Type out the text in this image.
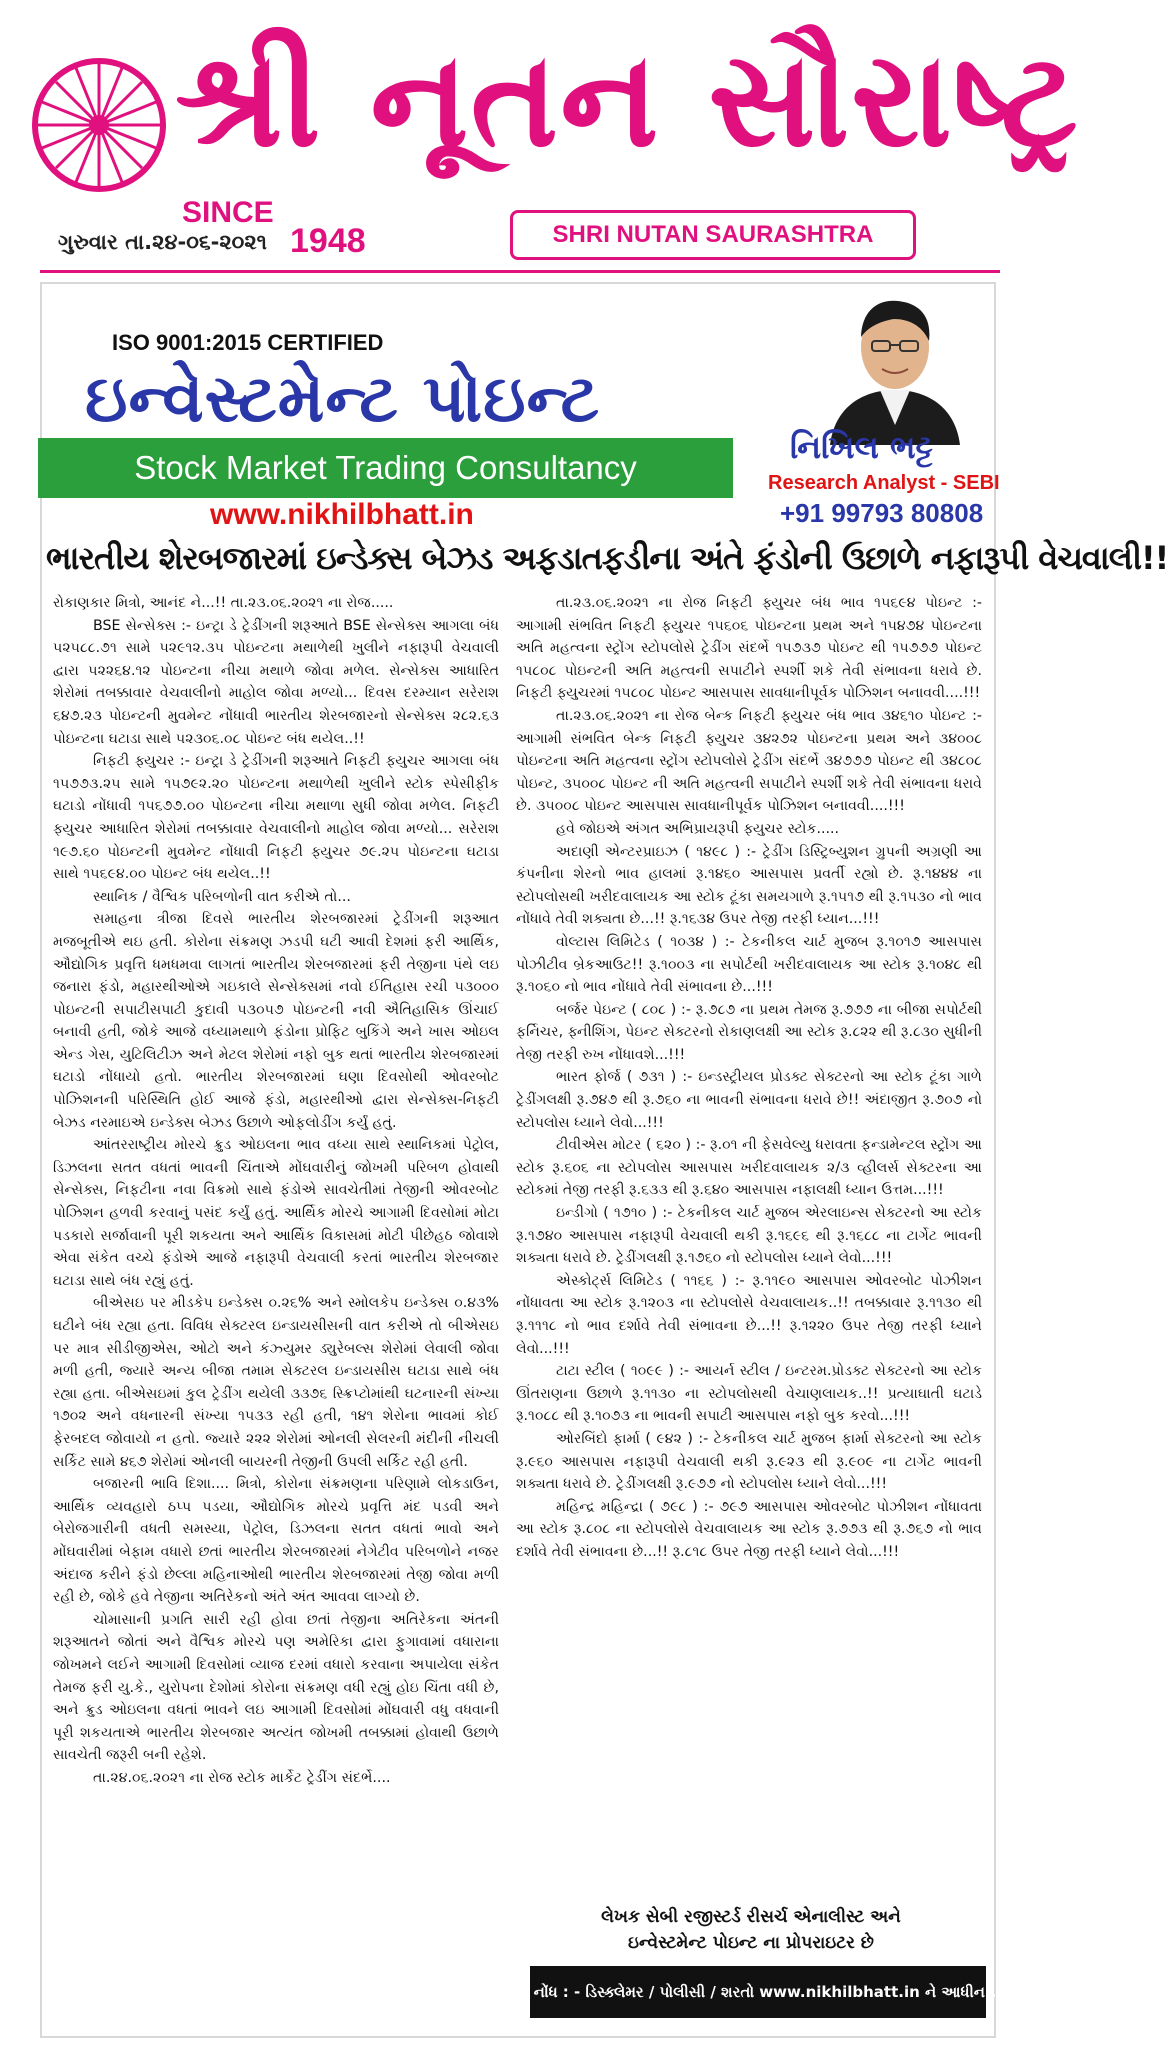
શ્રી નૂતન સૌરાષ્ટ્ર
SINCE
1948
ગુરુવાર તા.૨૪-૦૬-૨૦૨૧	SHRI NUTAN SAURASHTRA
ISO 9001:2015 CERTIFIED
ઇન્વેસ્ટમેન્ટ પોઇન્ટ
Stock Market Trading Consultancy
www.nikhilbhatt.in
નિખિલ ભટ્ટ
Research Analyst - SEBI
+91 99793 80808
ભારતીય શેરબજારમાં ઇન્ડેક્સ બેઝડ અફડાતફડીના અંતે ફંડોની ઉછાળે નફારૂપી વેચવાલી!!

રોકાણકાર મિત્રો, આનંદ ને...!! તા.૨૩.૦૬.૨૦૨૧ ના રોજ.....

BSE સેન્સેક્સ :- ઇન્ટ્રા ડે ટ્રેડીંગની શરૂઆતે BSE સેન્સેક્સ આગલા બંધ ૫૨૫૮૮.૭૧ સામે ૫૨૯૧૨.૩૫ પોઇન્ટના મથાળેથી ખુલીને નફારૂપી વેચવાલી દ્વારા ૫૨૨૬૪.૧૨ પોઇન્ટના નીચા મથાળે જોવા મળેલ. સેન્સેક્સ આધારિત શેરોમાં તબક્કાવાર વેચવાલીનો માહોલ જોવા મળ્યો... દિવસ દરમ્યાન સરેરાશ ૬૪૭.૨૩ પોઇન્ટની મુવમેન્ટ નોંધાવી ભારતીય શેરબજારનો સેન્સેક્સ ૨૮૨.૬૩ પોઇન્ટના ઘટાડા સાથે ૫૨૩૦૬.૦૮ પોઇન્ટ બંધ થયેલ..!!

નિફટી ફ્યુચર :- ઇન્ટ્રા ડે ટ્રેડીંગની શરૂઆતે નિફટી ફ્યુચર આગલા બંધ ૧૫૭૭૩.૨૫ સામે ૧૫૭૯૨.૨૦ પોઇન્ટના મથાળેથી ખુલીને સ્ટોક સ્પેસીફીક ઘટાડો નોંધાવી ૧૫૬૭૭.૦૦ પોઇન્ટના નીચા મથાળા સુધી જોવા મળેલ. નિફટી ફ્યુચર આધારિત શેરોમાં તબક્કાવાર વેચવાલીનો માહોલ જોવા મળ્યો... સરેરાશ ૧૯૭.૬૦ પોઇન્ટની મુવમેન્ટ નોંધાવી નિફટી ફ્યુચર ૭૯.૨૫ પોઇન્ટના ઘટાડા સાથે ૧૫૬૯૪.૦૦ પોઇન્ટ બંધ થયેલ..!!

સ્થાનિક / વૈશ્વિક પરિબળોની વાત કરીએ તો...

સમાહના ત્રીજા દિવસે ભારતીય શેરબજારમાં ટ્રેડીંગની શરૂઆત મજબૂતીએ થઇ હતી. કોરોના સંક્રમણ ઝડપી ઘટી આવી દેશમાં ફરી આર્થિક, ઔદ્યોગિક પ્રવૃત્તિ ધમધમવા લાગતાં ભારતીય શેરબજારમાં ફરી તેજીના પંથે લઇ જનારા ફંડો, મહારથીઓએ ગઇકાલે સેન્સેક્સમાં નવો ઈતિહાસ રચી ૫૩૦૦૦ પોઇન્ટની સપાટીસપાટી કુદાવી ૫૩૦૫૭ પોઇન્ટની નવી ઐતિહાસિક ઊંચાઈ બનાવી હતી, જોકે આજે વધ્યામથાળે ફંડોના પ્રોફિટ બુકિંગે અને ખાસ ઓઇલ એન્ડ ગેસ, યુટિલિટીઝ અને મેટલ શેરોમાં નફો બુક થતાં ભારતીય શેરબજારમાં ઘટાડો નોંધાયો હતો. ભારતીય શેરબજારમાં ઘણા દિવસોથી ઓવરબોટ પોઝિશનની પરિસ્થિતિ હોઈ આજે ફંડો, મહારથીઓ દ્વારા સેન્સેક્સ-નિફટી બેઝડ નરમાઇએ ઇન્ડેક્સ બેઝડ ઉછાળે ઓફલોડીંગ કર્યું હતું.

આંતરરાષ્ટ્રીય મોરચે ક્રુડ ઓઇલના ભાવ વધ્યા સાથે સ્થાનિકમાં પેટ્રોલ, ડિઝલના સતત વધતાં ભાવની ચિંતાએ મોંઘવારીનું જોખમી પરિબળ હોવાથી સેન્સેક્સ, નિફટીના નવા વિક્રમો સાથે ફંડોએ સાવચેતીમાં તેજીની ઓવરબોટ પોઝિશન હળવી કરવાનું પસંદ કર્યું હતું. આર્થિક મોરચે આગામી દિવસોમાં મોટા પડકારો સર્જાવાની પૂરી શકયતા અને આર્થિક વિકાસમાં મોટી પીછેહઠ જોવાશે એવા સંકેત વચ્ચે ફંડોએ આજે નફારૂપી વેચવાલી કરતાં ભારતીય શેરબજાર ઘટાડા સાથે બંધ રહ્યું હતું.

બીએસઇ પર મીડકેપ ઇન્ડેક્સ ૦.૨૬% અને સ્મોલકેપ ઇન્ડેક્સ ૦.૪૩% ઘટીને બંધ રહ્યા હતા. વિવિધ સેક્ટરલ ઇન્ડાયસીસની વાત કરીએ તો બીએસઇ પર માત્ર સીડીજીએસ, ઓટો અને કંઝ્યુમર ડ્યુરેબલ્સ શેરોમાં લેવાલી જોવા મળી હતી, જ્યારે અન્ય બીજા તમામ સેક્ટરલ ઇન્ડાયસીસ ઘટાડા સાથે બંધ રહ્યા હતા. બીએસઇમાં કુલ ટ્રેડીંગ થયેલી ૩૩૭૬ સ્ક્રિપ્ટોમાંથી ઘટનારની સંખ્યા ૧૭૦૨ અને વધનારની સંખ્યા ૧૫૩૩ રહી હતી, ૧૪૧ શેરોના ભાવમાં કોઈ ફેરબદલ જોવાયો ન હતો. જ્યારે ૨૨૨ શેરોમાં ઓનલી સેલરની મંદીની નીચલી સર્કિટ સામે ૪૬૭ શેરોમાં ઓનલી બાયરની તેજીની ઉપલી સર્કિટ રહી હતી.

બજારની ભાવિ દિશા.... મિત્રો, કોરોના સંક્રમણના પરિણામે લોકડાઉન, આર્થિક વ્યવહારો ઠપ્પ પડયા, ઔદ્યોગિક મોરચે પ્રવૃત્તિ મંદ પડવી અને બેરોજગારીની વધતી સમસ્યા, પેટ્રોલ, ડિઝલના સતત વધતાં ભાવો અને મોંઘવારીમાં બેફામ વધારો છતાં ભારતીય શેરબજારમાં નેગેટીવ પરિબળોને નજર અંદાજ કરીને ફંડો છેલ્લા મહિનાઓથી ભારતીય શેરબજારમાં તેજી જોવા મળી રહી છે, જોકે હવે તેજીના અતિરેકનો અંતે અંત આવવા લાગ્યો છે.

ચોમાસાની પ્રગતિ સારી રહી હોવા છતાં તેજીના અતિરેકના અંતની શરૂઆતને જોતાં અને વૈશ્વિક મોરચે પણ અમેરિકા દ્વારા ફુગાવામાં વધારાના જોખમને લઈને આગામી દિવસોમાં વ્યાજ દરમાં વધારો કરવાના અપાયેલા સંકેત તેમજ ફરી યુ.કે., યુરોપના દેશોમાં કોરોના સંક્રમણ વધી રહ્યું હોઇ ચિંતા વધી છે, અને ક્રુડ ઓઇલના વધતાં ભાવને લઇ આગામી દિવસોમાં મોંઘવારી વધુ વધવાની પૂરી શકયતાએ ભારતીય શેરબજાર અત્યંત જોખમી તબક્કામાં હોવાથી ઉછાળે સાવચેતી જરૂરી બની રહેશે.

તા.૨૪.૦૬.૨૦૨૧ ના રોજ સ્ટોક માર્કેટ ટ્રેડીંગ સંદર્ભે....

તા.૨૩.૦૬.૨૦૨૧ ના રોજ નિફટી ફ્યુચર બંધ ભાવ ૧૫૬૯૪ પોઇન્ટ :- આગામી સંભવિત નિફટી ફ્યુચર ૧૫૬૦૬ પોઇન્ટના પ્રથમ અને ૧૫૪૭૪ પોઇન્ટના અતિ મહત્વના સ્ટ્રોંગ સ્ટોપલોસે ટ્રેડીંગ સંદર્ભે ૧૫૭૩૭ પોઇન્ટ થી ૧૫૭૭૭ પોઇન્ટ ૧૫૮૦૮ પોઇન્ટની અતિ મહત્વની સપાટીને સ્પર્શી શકે તેવી સંભાવના ધરાવે છે. નિફટી ફ્યુચરમાં ૧૫૮૦૮ પોઇન્ટ આસપાસ સાવધાનીપૂર્વક પોઝિશન બનાવવી....!!!

તા.૨૩.૦૬.૨૦૨૧ ના રોજ બેન્ક નિફટી ફ્યુચર બંધ ભાવ ૩૪૬૧૦ પોઇન્ટ :- આગામી સંભવિત બેન્ક નિફટી ફ્યુચર ૩૪૨૭૨ પોઇન્ટના પ્રથમ અને ૩૪૦૦૮ પોઇન્ટના અતિ મહત્વના સ્ટ્રોંગ સ્ટોપલોસે ટ્રેડીંગ સંદર્ભે ૩૪૭૭૭ પોઇન્ટ થી ૩૪૮૦૮ પોઇન્ટ, ૩૫૦૦૮ પોઇન્ટ ની અતિ મહત્વની સપાટીને સ્પર્શી શકે તેવી સંભાવના ધરાવે છે. ૩૫૦૦૮ પોઇન્ટ આસપાસ સાવધાનીપૂર્વક પોઝિશન બનાવવી....!!!

હવે જોઇએ અંગત અભિપ્રાયરૂપી ફ્યુચર સ્ટોક.....

અદાણી એન્ટરપ્રાઇઝ ( ૧૪૯૮ ) :- ટ્રેડીંગ ડિસ્ટ્રિબ્યુશન ગ્રુપની અગ્રણી આ કંપનીના શેરનો ભાવ હાલમાં રૂ.૧૪૬૦ આસપાસ પ્રવર્તી રહ્યો છે. રૂ.૧૪૪૪ ના સ્ટોપલોસથી ખરીદવાલાયક આ સ્ટોક ટૂંકા સમયગાળે રૂ.૧૫૧૭ થી રૂ.૧૫૩૦ નો ભાવ નોંધાવે તેવી શક્યતા છે...!! રૂ.૧૬૩૪ ઉપર તેજી તરફી ધ્યાન...!!!

વોલ્ટાસ લિમિટેડ ( ૧૦૩૪ ) :- ટેકનીકલ ચાર્ટ મુજબ રૂ.૧૦૧૭ આસપાસ પોઝીટીવ બ્રેકઆઉટ!! રૂ.૧૦૦૩ ના સપોર્ટથી ખરીદવાલાયક આ સ્ટોક રૂ.૧૦૪૮ થી રૂ.૧૦૬૦ નો ભાવ નોંધાવે તેવી સંભાવના છે...!!!

બર્જર પેઇન્ટ ( ૮૦૮ ) :- રૂ.૭૮૭ ના પ્રથમ તેમજ રૂ.૭૭૭ ના બીજા સપોર્ટથી ફર્નિચર, ફ્નીશિંગ, પેઇન્ટ સેક્ટરનો રોકાણલક્ષી આ સ્ટોક રૂ.૮૨૨ થી રૂ.૮૩૦ સુધીની તેજી તરફી રુખ નોંધાવશે...!!!

ભારત ફોર્જ ( ૭૩૧ ) :- ઇન્ડસ્ટ્રીયલ પ્રોડક્ટ સેક્ટરનો આ સ્ટોક ટૂંકા ગાળે ટ્રેડીંગલક્ષી રૂ.૭૪૭ થી રૂ.૭૬૦ ના ભાવની સંભાવના ધરાવે છે!! અંદાજીત રૂ.૭૦૭ નો સ્ટોપલોસ ધ્યાને લેવો...!!!

ટીવીએસ મોટર ( ૬૨૦ ) :- રૂ.૦૧ ની ફેસવેલ્યુ ધરાવતા ફન્ડામેન્ટલ સ્ટ્રોંગ આ સ્ટોક રૂ.૬૦૬ ના સ્ટોપલોસ આસપાસ ખરીદવાલાયક ૨/૩ વ્હીલર્સ સેક્ટરના આ સ્ટોકમાં તેજી તરફી રૂ.૬૩૩ થી રૂ.૬૪૦ આસપાસ નફાલક્ષી ધ્યાન ઉત્તમ...!!!

ઇન્ડીગો ( ૧૭૧૦ ) :- ટેકનીકલ ચાર્ટ મુજબ એરલાઇન્સ સેક્ટરનો આ સ્ટોક રૂ.૧૭૪૦ આસપાસ નફારૂપી વેચવાલી થકી રૂ.૧૬૯૬ થી રૂ.૧૬૮૮ ના ટાર્ગેટ ભાવની શક્યતા ધરાવે છે. ટ્રેડીંગલક્ષી રૂ.૧૭૬૦ નો સ્ટોપલોસ ધ્યાને લેવો...!!!

એસ્કોર્ટ્સ લિમિટેડ ( ૧૧૬૬ ) :- રૂ.૧૧૯૦ આસપાસ ઓવરબોટ પોઝીશન નોંધાવતા આ સ્ટોક રૂ.૧૨૦૩ ના સ્ટોપલોસે વેચવાલાયક..!! તબક્કાવાર રૂ.૧૧૩૦ થી રૂ.૧૧૧૮ નો ભાવ દર્શાવે તેવી સંભાવના છે...!! રૂ.૧૨૨૦ ઉપર તેજી તરફી ધ્યાને લેવો...!!!

ટાટા સ્ટીલ ( ૧૦૯૯ ) :- આયર્ન સ્ટીલ / ઇન્ટરમ.પ્રોડક્ટ સેક્ટરનો આ સ્ટોક ઊંતરાણના ઉછાળે રૂ.૧૧૩૦ ના સ્ટોપલોસથી વેચાણલાયક..!! પ્રત્યાઘાતી ઘટાડે રૂ.૧૦૮૮ થી રૂ.૧૦૭૩ ના ભાવની સપાટી આસપાસ નફો બુક કરવો...!!!

ઓરબિંદો ફાર્મા ( ૯૪૨ ) :- ટેકનીકલ ચાર્ટ મુજબ ફાર્મા સેક્ટરનો આ સ્ટોક રૂ.૯૬૦ આસપાસ નફારૂપી વેચવાલી થકી રૂ.૯૨૩ થી રૂ.૯૦૯ ના ટાર્ગેટ ભાવની શક્યતા ધરાવે છે. ટ્રેડીંગલક્ષી રૂ.૯૭૭ નો સ્ટોપલોસ ધ્યાને લેવો...!!!

મહિન્દ્ર મહિન્દ્રા ( ૭૯૮ ) :- ૭૯૭ આસપાસ ઓવરબોટ પોઝીશન નોંધાવતા આ સ્ટોક રૂ.૮૦૮ ના સ્ટોપલોસે વેચવાલાયક આ સ્ટોક રૂ.૭૭૩ થી રૂ.૭૬૭ નો ભાવ દર્શાવે તેવી સંભાવના છે...!! રૂ.૮૧૮ ઉપર તેજી તરફી ધ્યાને લેવો...!!!

લેખક સેબી રજીસ્ટર્ડ રીસર્ચ એનાલીસ્ટ અને
ઇન્વેસ્ટમેન્ટ પોઇન્ટ ના પ્રોપરાઇટર છે
ખાસ નોંધ : - ડિસ્ક્લેમર / પોલીસી / શરતો www.nikhilbhatt.in ને આધીન...!!
